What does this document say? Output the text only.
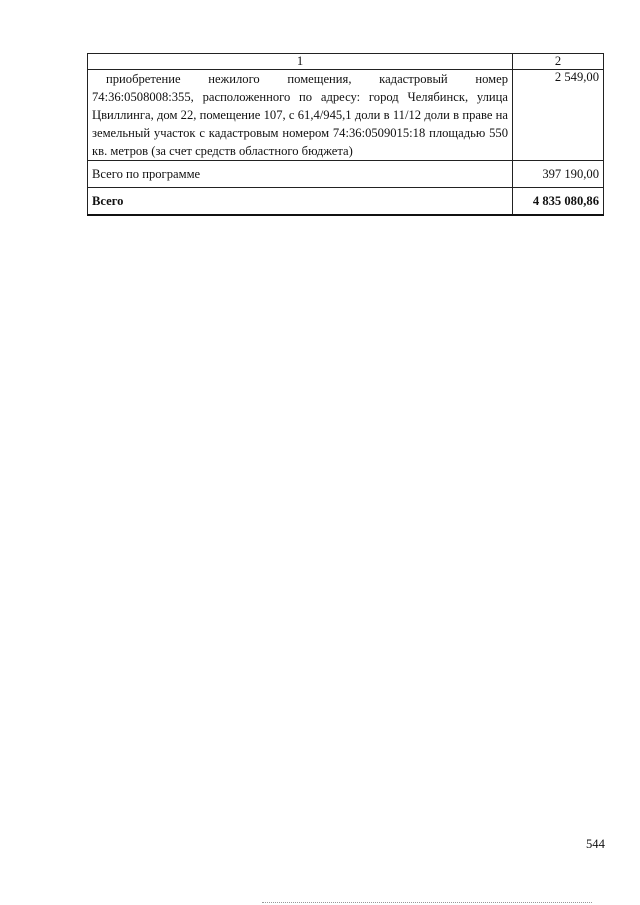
1	2
приобретение нежилого помещения, кадастровый номер 74:36:0508008:355, расположенного по адресу: город Челябинск, улица Цвиллинга, дом 22, помещение 107, с 61,4/945,1 доли в 11/12 доли в праве на земельный участок с кадастровым номером 74:36:0509015:18 площадью 550 кв. метров (за счет средств областного бюджета)	2 549,00
Всего по программе	397 190,00
Всего	4 835 080,86
544
